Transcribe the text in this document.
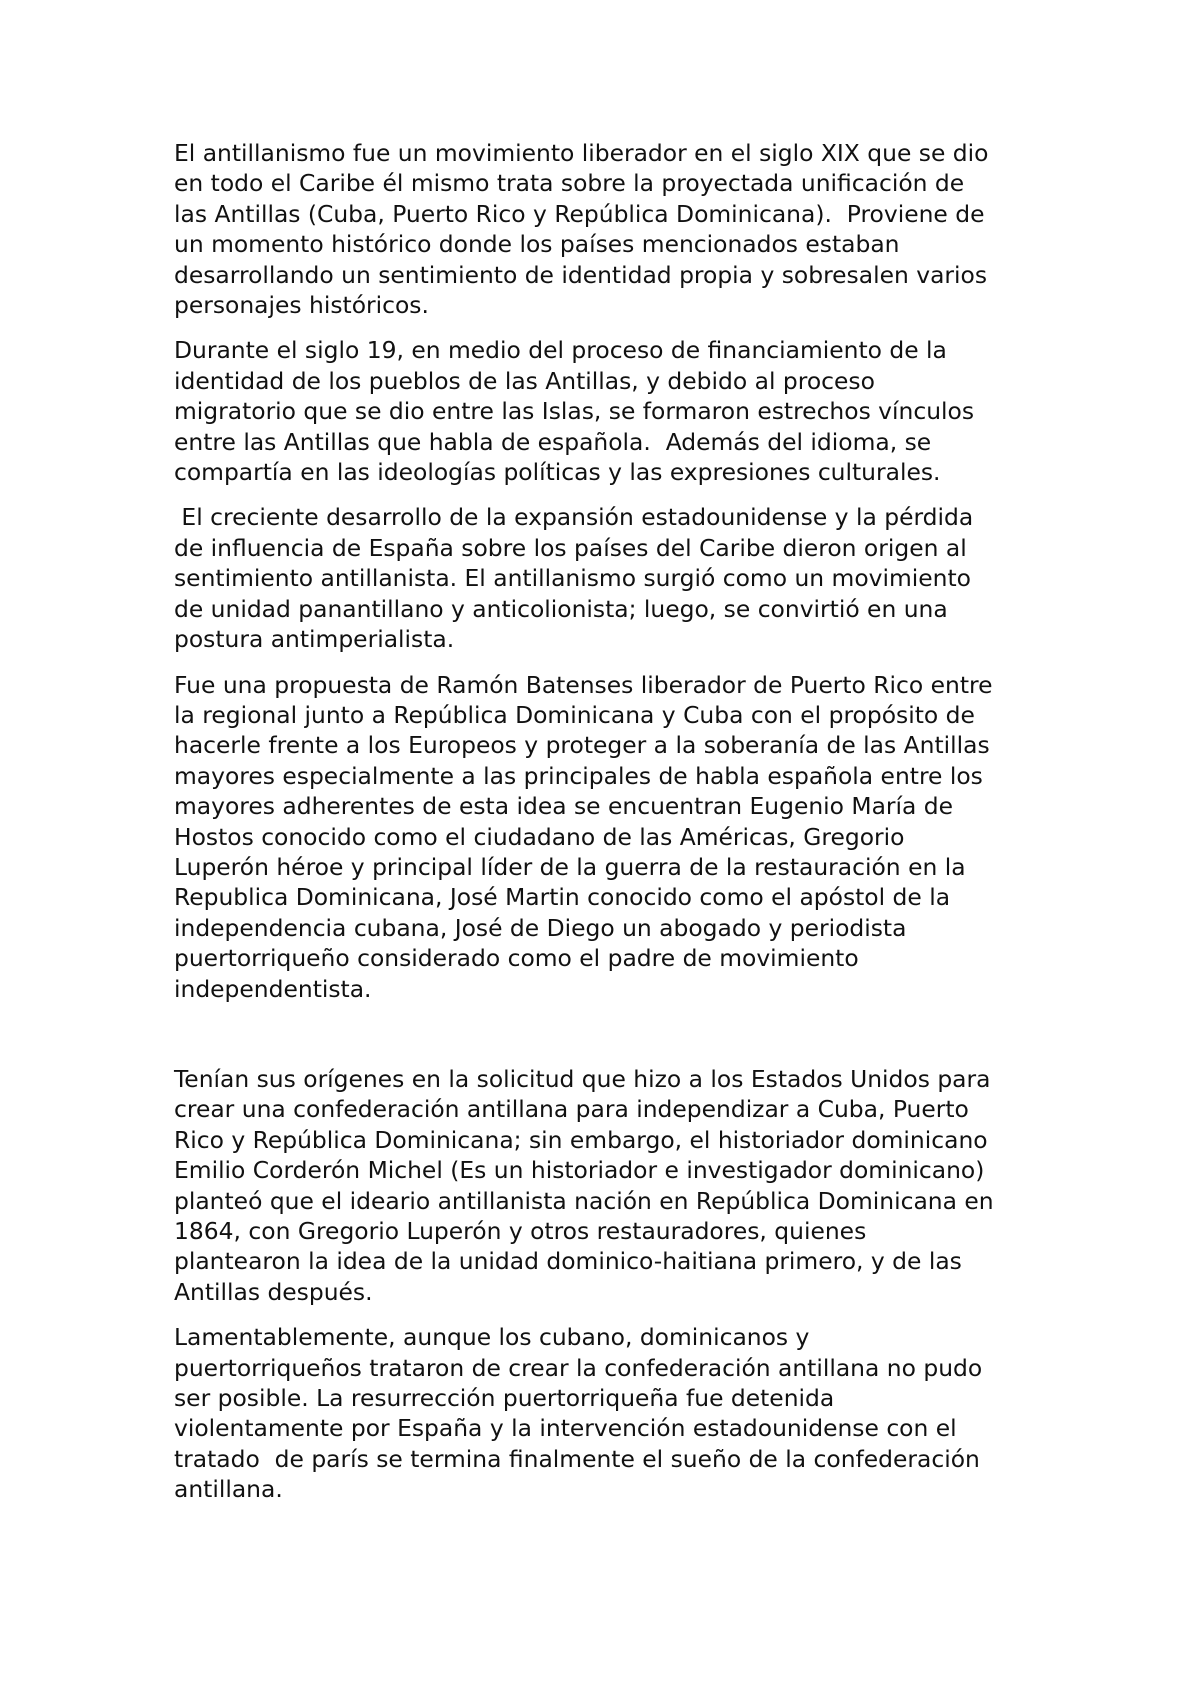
El antillanismo fue un movimiento liberador en el siglo XIX que se dio
en todo el Caribe él mismo trata sobre la proyectada unificación de
las Antillas (Cuba, Puerto Rico y República Dominicana).  Proviene de
un momento histórico donde los países mencionados estaban
desarrollando un sentimiento de identidad propia y sobresalen varios
personajes históricos.

Durante el siglo 19, en medio del proceso de financiamiento de la
identidad de los pueblos de las Antillas, y debido al proceso
migratorio que se dio entre las Islas, se formaron estrechos vínculos
entre las Antillas que habla de española.  Además del idioma, se
compartía en las ideologías políticas y las expresiones culturales.

El creciente desarrollo de la expansión estadounidense y la pérdida
de influencia de España sobre los países del Caribe dieron origen al
sentimiento antillanista. El antillanismo surgió como un movimiento
de unidad panantillano y anticolionista; luego, se convirtió en una
postura antimperialista.

Fue una propuesta de Ramón Batenses liberador de Puerto Rico entre
la regional junto a República Dominicana y Cuba con el propósito de
hacerle frente a los Europeos y proteger a la soberanía de las Antillas
mayores especialmente a las principales de habla española entre los
mayores adherentes de esta idea se encuentran Eugenio María de
Hostos conocido como el ciudadano de las Américas, Gregorio
Luperón héroe y principal líder de la guerra de la restauración en la
Republica Dominicana, José Martin conocido como el apóstol de la
independencia cubana, José de Diego un abogado y periodista
puertorriqueño considerado como el padre de movimiento
independentista.

Tenían sus orígenes en la solicitud que hizo a los Estados Unidos para
crear una confederación antillana para independizar a Cuba, Puerto
Rico y República Dominicana; sin embargo, el historiador dominicano
Emilio Corderón Michel (Es un historiador e investigador dominicano)
planteó que el ideario antillanista nación en República Dominicana en
1864, con Gregorio Luperón y otros restauradores, quienes
plantearon la idea de la unidad dominico-haitiana primero, y de las
Antillas después.

Lamentablemente, aunque los cubano, dominicanos y
puertorriqueños trataron de crear la confederación antillana no pudo
ser posible. La resurrección puertorriqueña fue detenida
violentamente por España y la intervención estadounidense con el
tratado  de parís se termina finalmente el sueño de la confederación
antillana.
